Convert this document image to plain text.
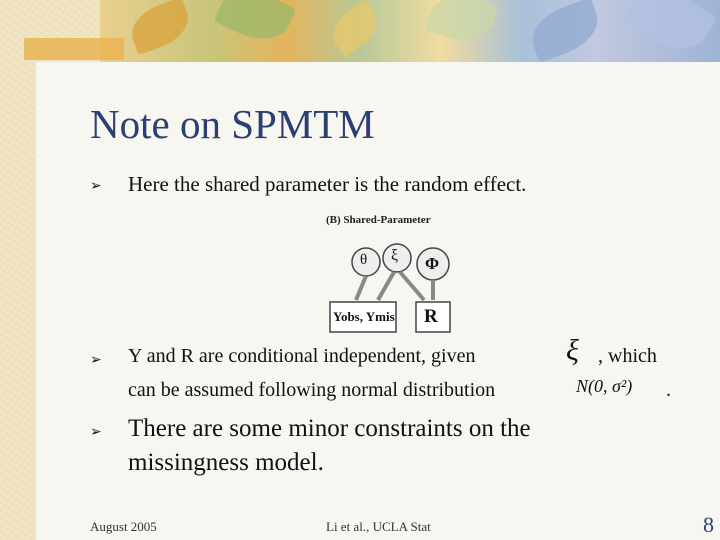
Note on SPMTM
➢ Here the shared parameter is the random effect.
(B) Shared-Parameter
θ ξ Φ
Yobs, Ymis R
➢ Y and R are conditional independent, given	ξ , which
can be assumed following normal distribution	N(0, σ²) .
➢ There are some minor constraints on the missingness model.
August 2005	Li et al., UCLA Stat	8
